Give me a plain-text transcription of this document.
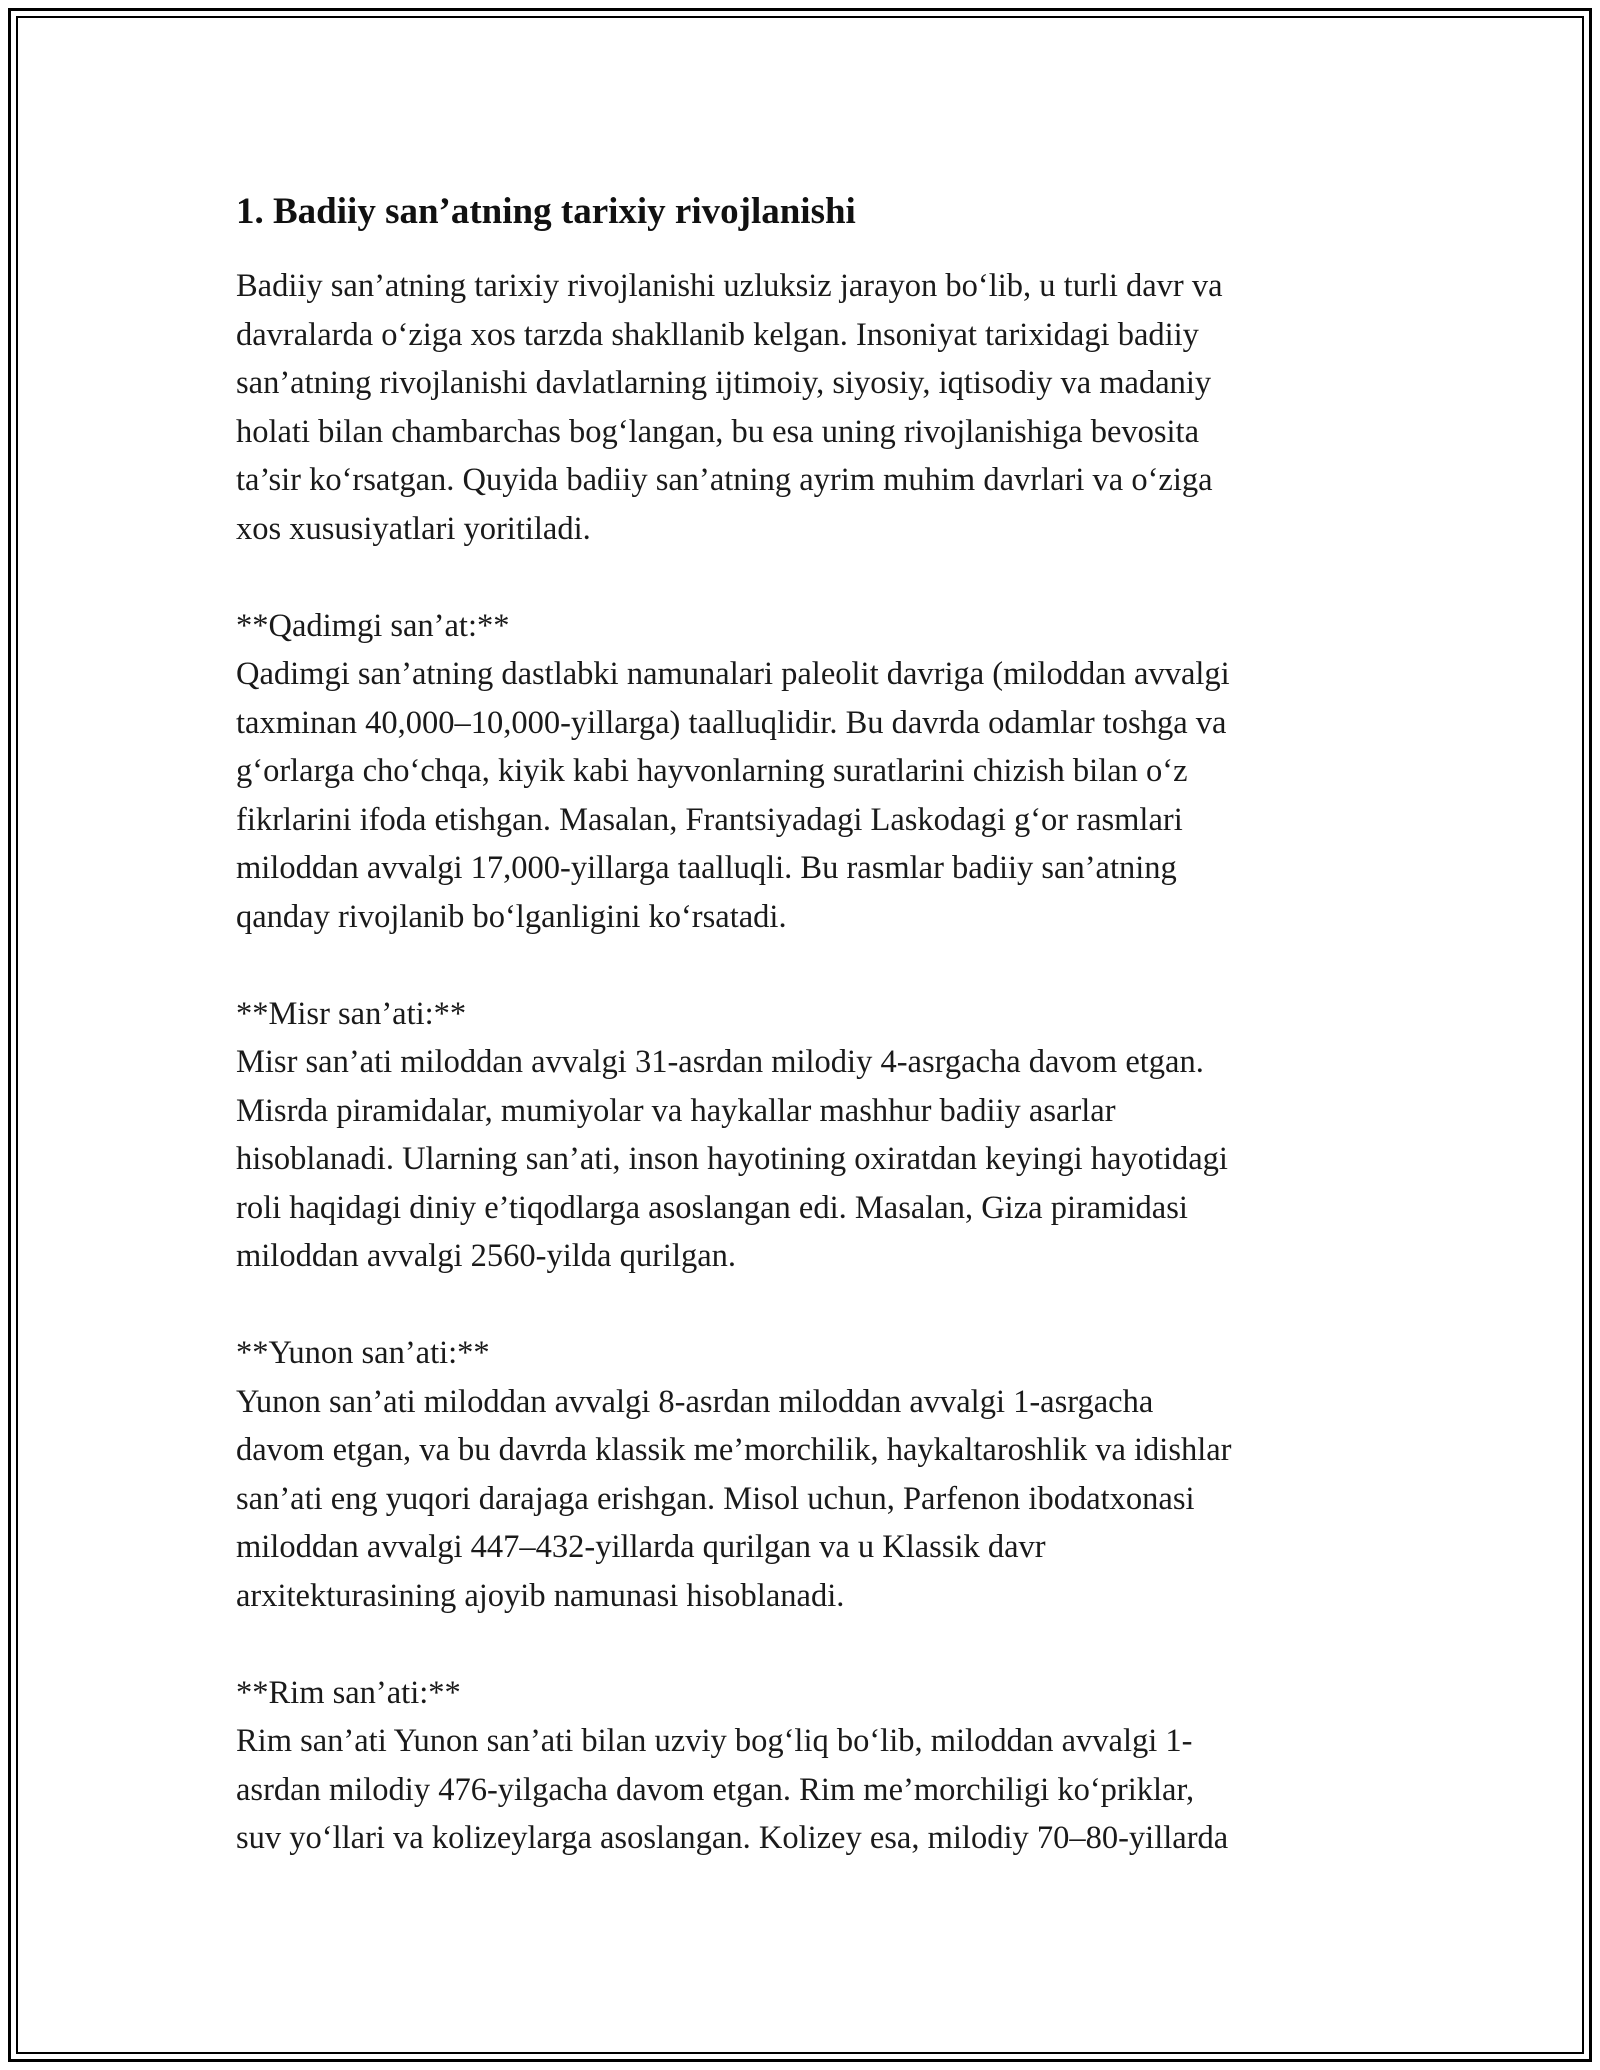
1. Badiiy san’atning tarixiy rivojlanishi

Badiiy san’atning tarixiy rivojlanishi uzluksiz jarayon bo‘lib, u turli davr va
davralarda o‘ziga xos tarzda shakllanib kelgan. Insoniyat tarixidagi badiiy
san’atning rivojlanishi davlatlarning ijtimoiy, siyosiy, iqtisodiy va madaniy
holati bilan chambarchas bog‘langan, bu esa uning rivojlanishiga bevosita
ta’sir ko‘rsatgan. Quyida badiiy san’atning ayrim muhim davrlari va o‘ziga
xos xususiyatlari yoritiladi.

**Qadimgi san’at:**

Qadimgi san’atning dastlabki namunalari paleolit davriga (miloddan avvalgi
taxminan 40,000–10,000-yillarga) taalluqlidir. Bu davrda odamlar toshga va
g‘orlarga cho‘chqa, kiyik kabi hayvonlarning suratlarini chizish bilan o‘z
fikrlarini ifoda etishgan. Masalan, Frantsiyadagi Laskodagi g‘or rasmlari
miloddan avvalgi 17,000-yillarga taalluqli. Bu rasmlar badiiy san’atning
qanday rivojlanib bo‘lganligini ko‘rsatadi.

**Misr san’ati:**

Misr san’ati miloddan avvalgi 31-asrdan milodiy 4-asrgacha davom etgan.
Misrda piramidalar, mumiyolar va haykallar mashhur badiiy asarlar
hisoblanadi. Ularning san’ati, inson hayotining oxiratdan keyingi hayotidagi
roli haqidagi diniy e’tiqodlarga asoslangan edi. Masalan, Giza piramidasi
miloddan avvalgi 2560-yilda qurilgan.

**Yunon san’ati:**

Yunon san’ati miloddan avvalgi 8-asrdan miloddan avvalgi 1-asrgacha
davom etgan, va bu davrda klassik me’morchilik, haykaltaroshlik va idishlar
san’ati eng yuqori darajaga erishgan. Misol uchun, Parfenon ibodatxonasi
miloddan avvalgi 447–432-yillarda qurilgan va u Klassik davr
arxitekturasining ajoyib namunasi hisoblanadi.

**Rim san’ati:**

Rim san’ati Yunon san’ati bilan uzviy bog‘liq bo‘lib, miloddan avvalgi 1-
asrdan milodiy 476-yilgacha davom etgan. Rim me’morchiligi ko‘priklar,
suv yo‘llari va kolizeylarga asoslangan. Kolizey esa, milodiy 70–80-yillarda
